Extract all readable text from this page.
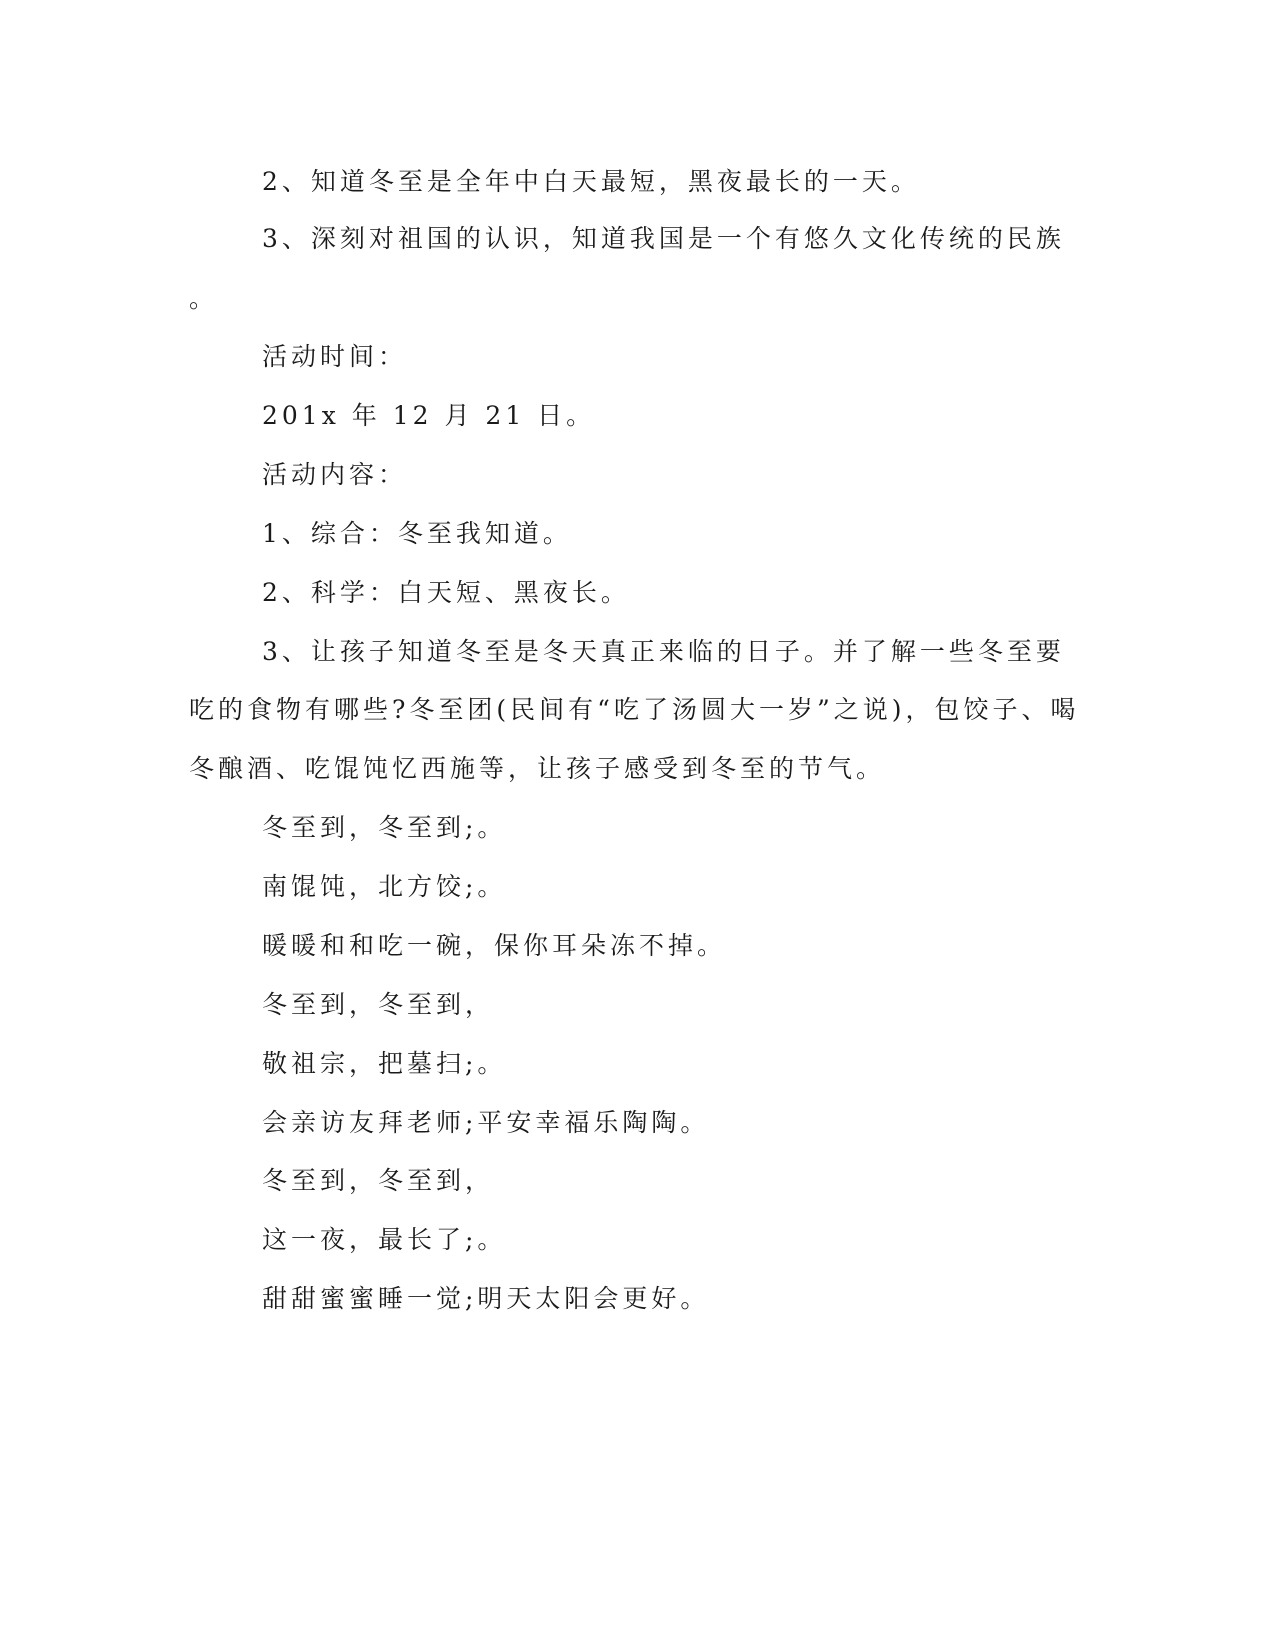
2、知道冬至是全年中白天最短，黑夜最长的一天。
3、深刻对祖国的认识，知道我国是一个有悠久文化传统的民族
。
活动时间：
201x 年 12 月 21 日。
活动内容：
1、综合：冬至我知道。
2、科学：白天短、黑夜长。
3、让孩子知道冬至是冬天真正来临的日子。并了解一些冬至要
吃的食物有哪些?冬至团(民间有“吃了汤圆大一岁”之说)，包饺子、喝
冬酿酒、吃馄饨忆西施等，让孩子感受到冬至的节气。
冬至到，冬至到;。
南馄饨，北方饺;。
暖暖和和吃一碗，保你耳朵冻不掉。
冬至到，冬至到，
敬祖宗，把墓扫;。
会亲访友拜老师;平安幸福乐陶陶。
冬至到，冬至到，
这一夜，最长了;。
甜甜蜜蜜睡一觉;明天太阳会更好。
